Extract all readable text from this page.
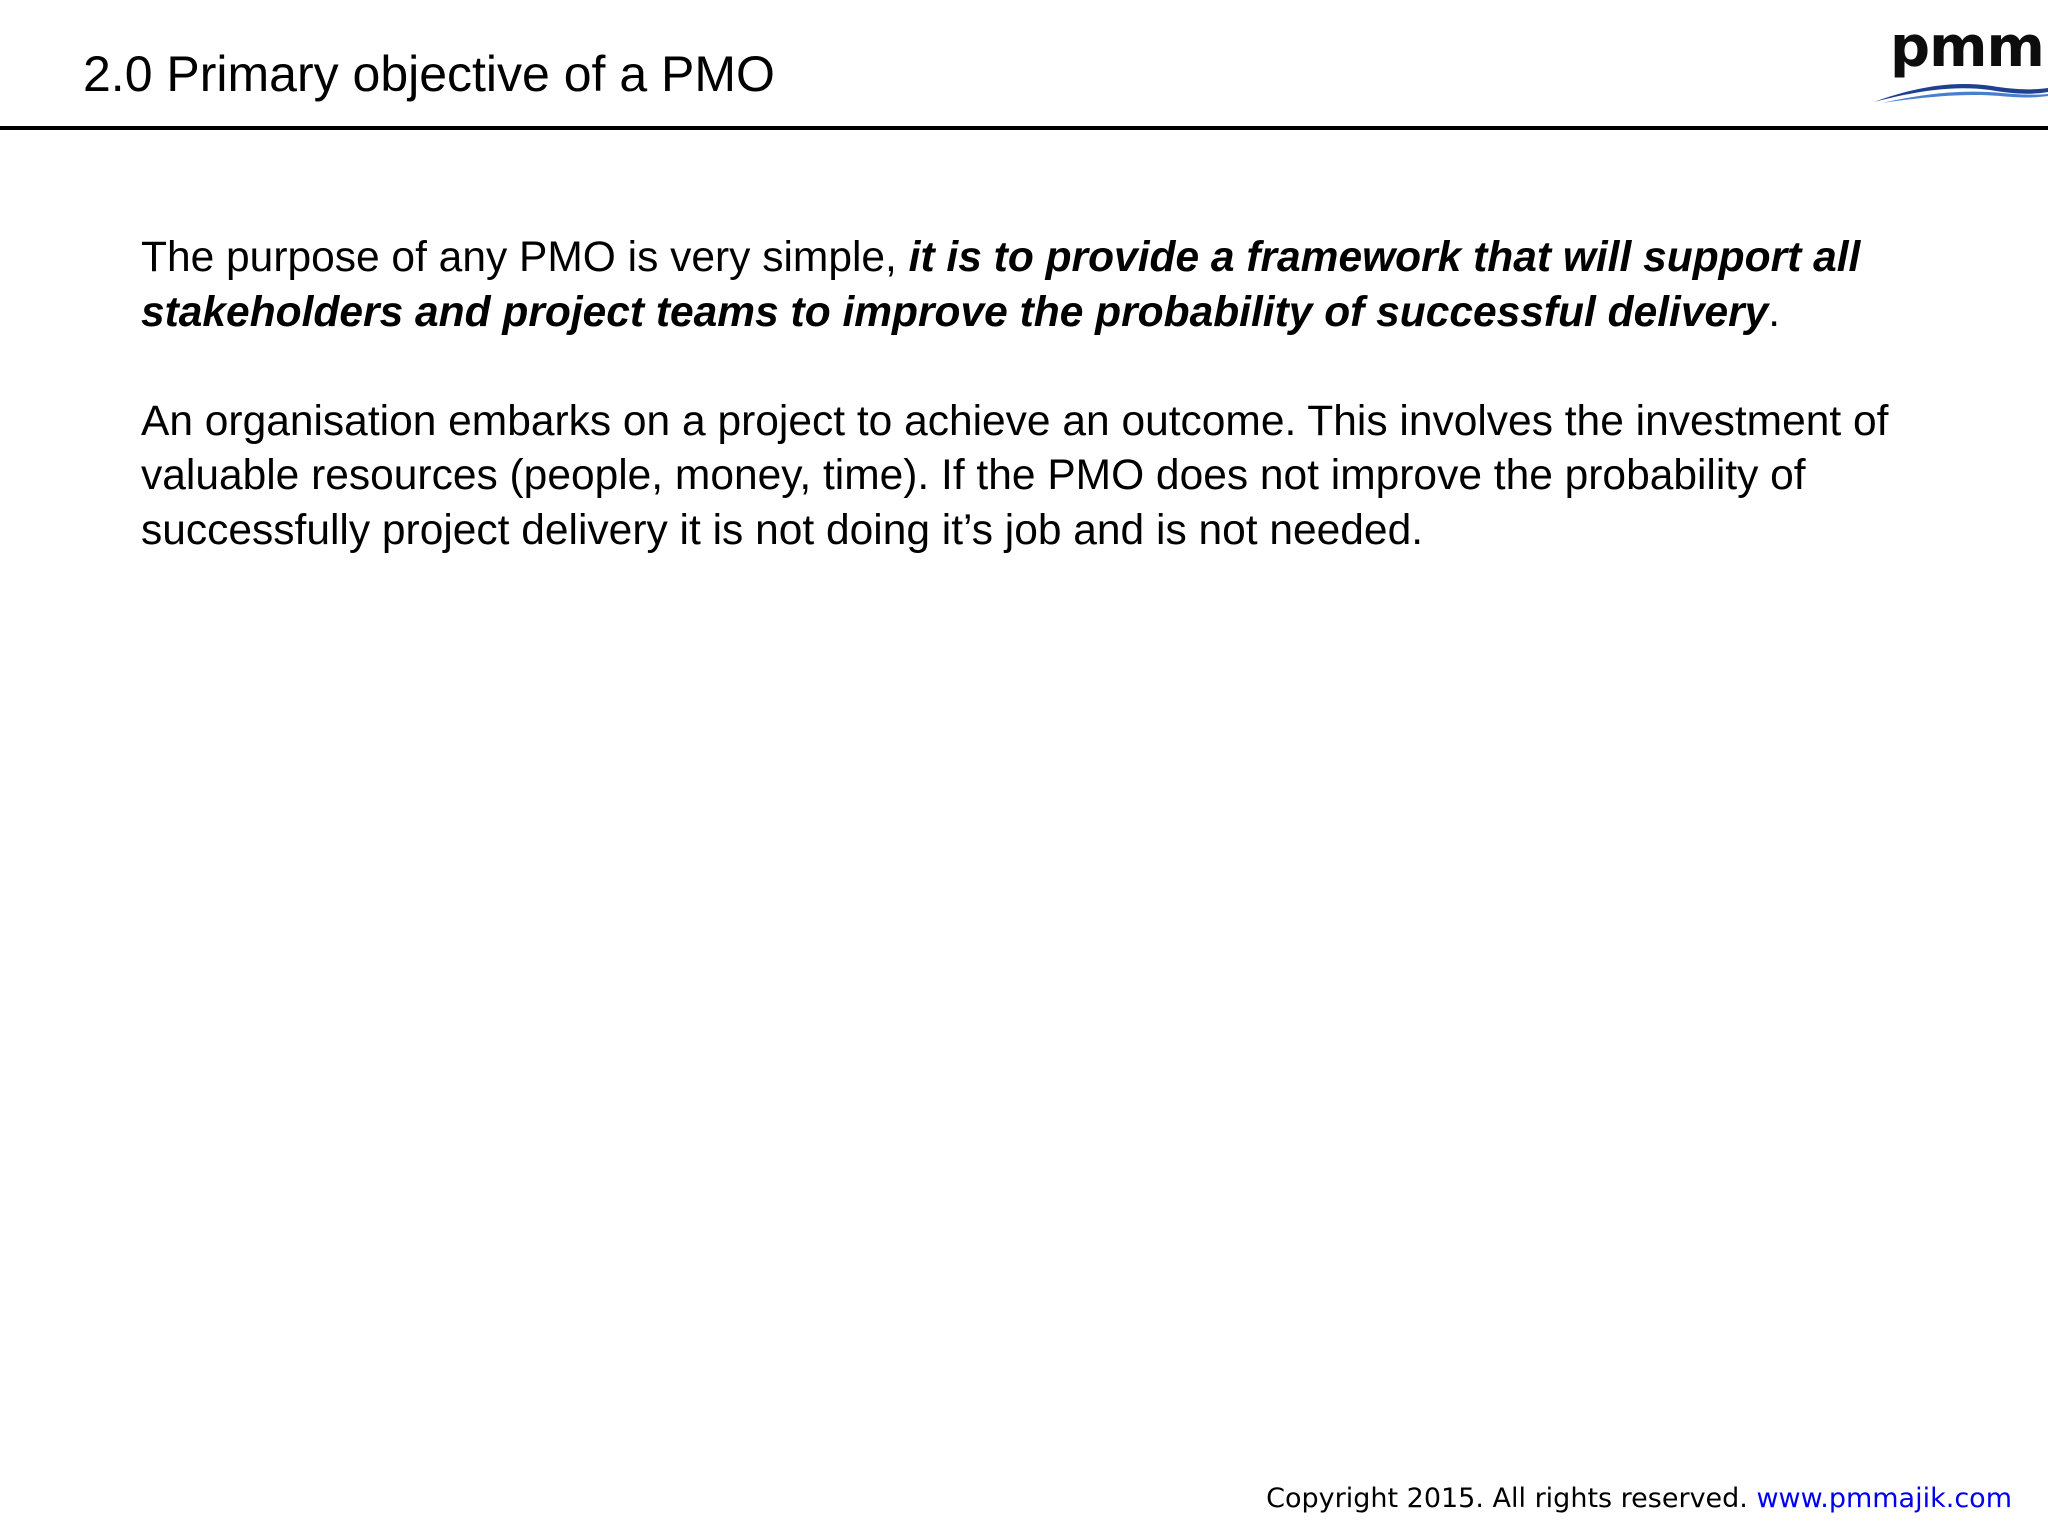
2.0 Primary objective of a PMO	pmm

The purpose of any PMO is very simple, it is to provide a framework that will support all stakeholders and project teams to improve the probability of successful delivery.

An organisation embarks on a project to achieve an outcome. This involves the investment of valuable resources (people, money, time). If the PMO does not improve the probability of successfully project delivery it is not doing it’s job and is not needed.

Copyright 2015. All rights reserved. www.pmmajik.com
